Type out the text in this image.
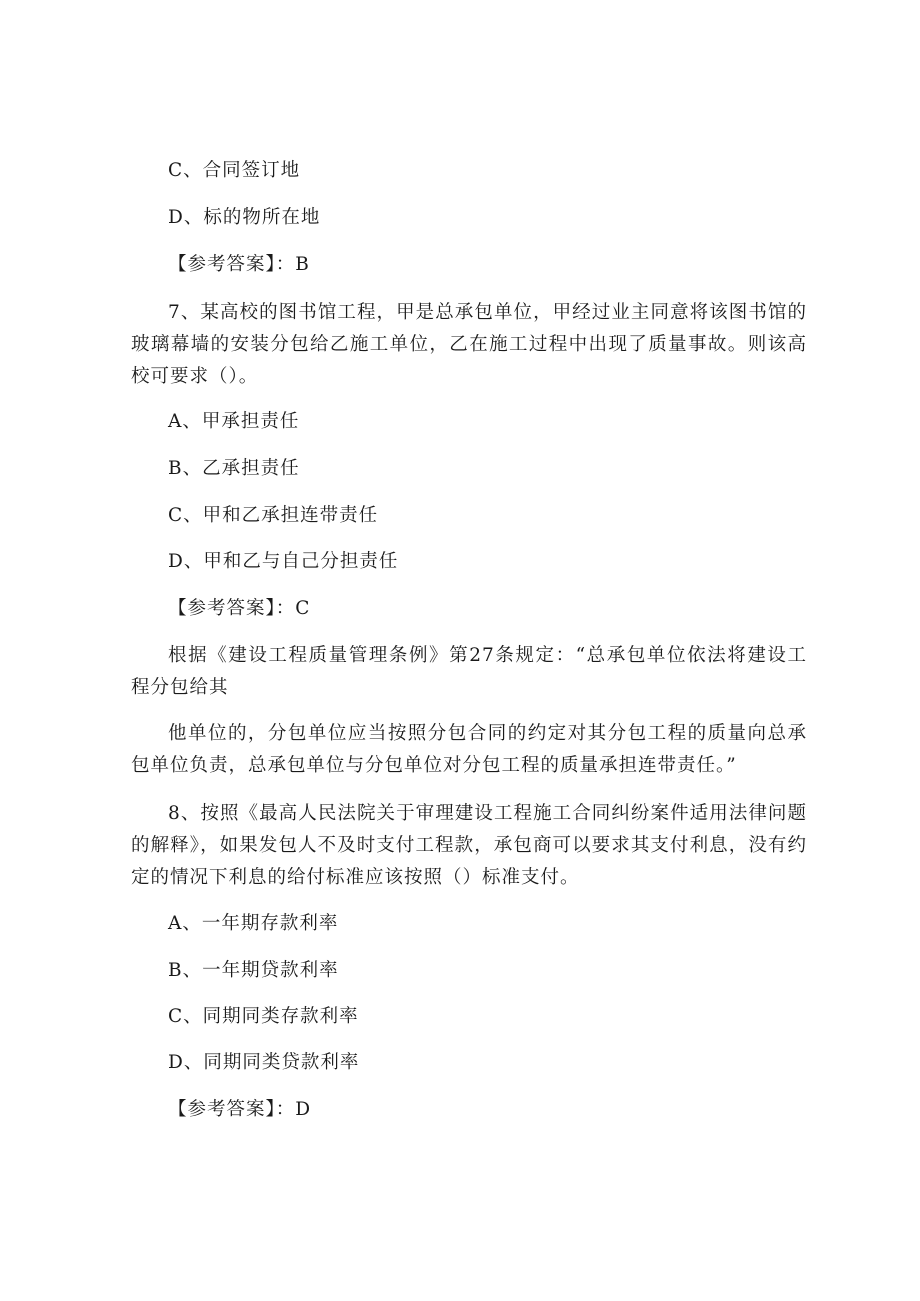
C、合同签订地
D、标的物所在地
【参考答案】：B
7、某高校的图书馆工程，甲是总承包单位，甲经过业主同意将该图书馆的玻璃幕墙的安装分包给乙施工单位，乙在施工过程中出现了质量事故。则该高校可要求（）。
A、甲承担责任
B、乙承担责任
C、甲和乙承担连带责任
D、甲和乙与自己分担责任
【参考答案】：C
根据《建设工程质量管理条例》第27条规定：“总承包单位依法将建设工程分包给其
他单位的，分包单位应当按照分包合同的约定对其分包工程的质量向总承包单位负责，总承包单位与分包单位对分包工程的质量承担连带责任。”
8、按照《最高人民法院关于审理建设工程施工合同纠纷案件适用法律问题的解释》，如果发包人不及时支付工程款，承包商可以要求其支付利息，没有约定的情况下利息的给付标准应该按照（）标准支付。
A、一年期存款利率
B、一年期贷款利率
C、同期同类存款利率
D、同期同类贷款利率
【参考答案】：D
